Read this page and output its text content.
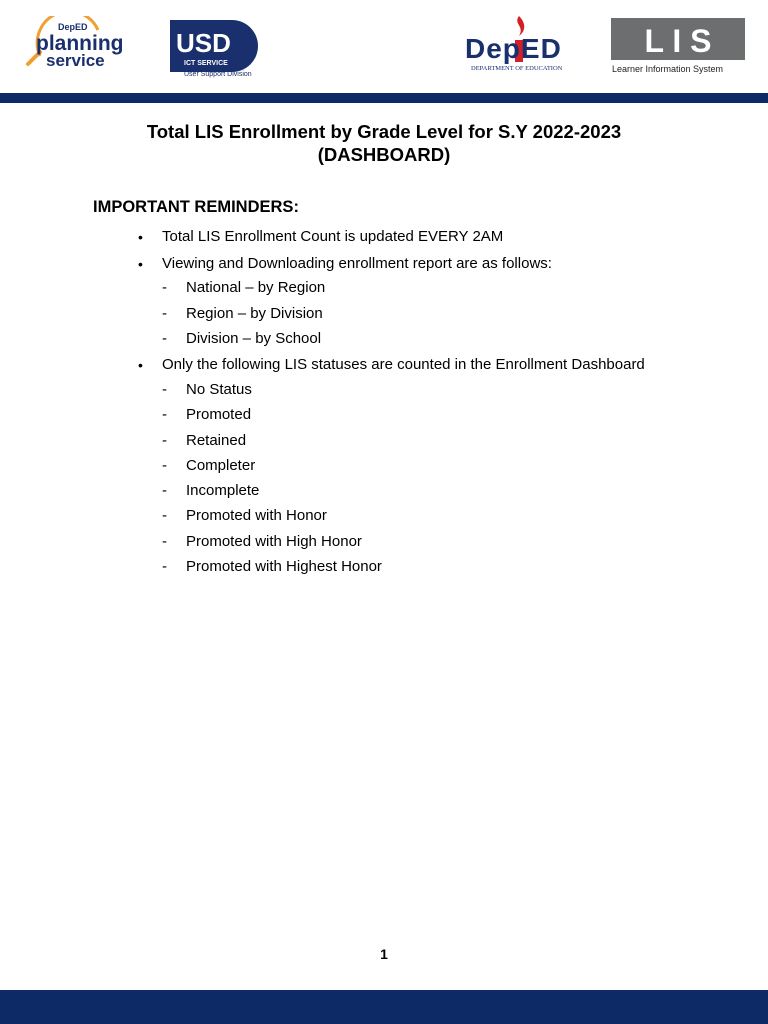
DepED
planning
service
USD
ICT SERVICE
User Support Division
DepED
DEPARTMENT OF EDUCATION
L I S
Learner Information System
Total LIS Enrollment by Grade Level for S.Y 2022-2023
(DASHBOARD)
IMPORTANT REMINDERS:
• Total LIS Enrollment Count is updated EVERY 2AM
• Viewing and Downloading enrollment report are as follows:
- National – by Region
- Region – by Division
- Division – by School
• Only the following LIS statuses are counted in the Enrollment Dashboard
- No Status
- Promoted
- Retained
- Completer
- Incomplete
- Promoted with Honor
- Promoted with High Honor
- Promoted with Highest Honor
1
